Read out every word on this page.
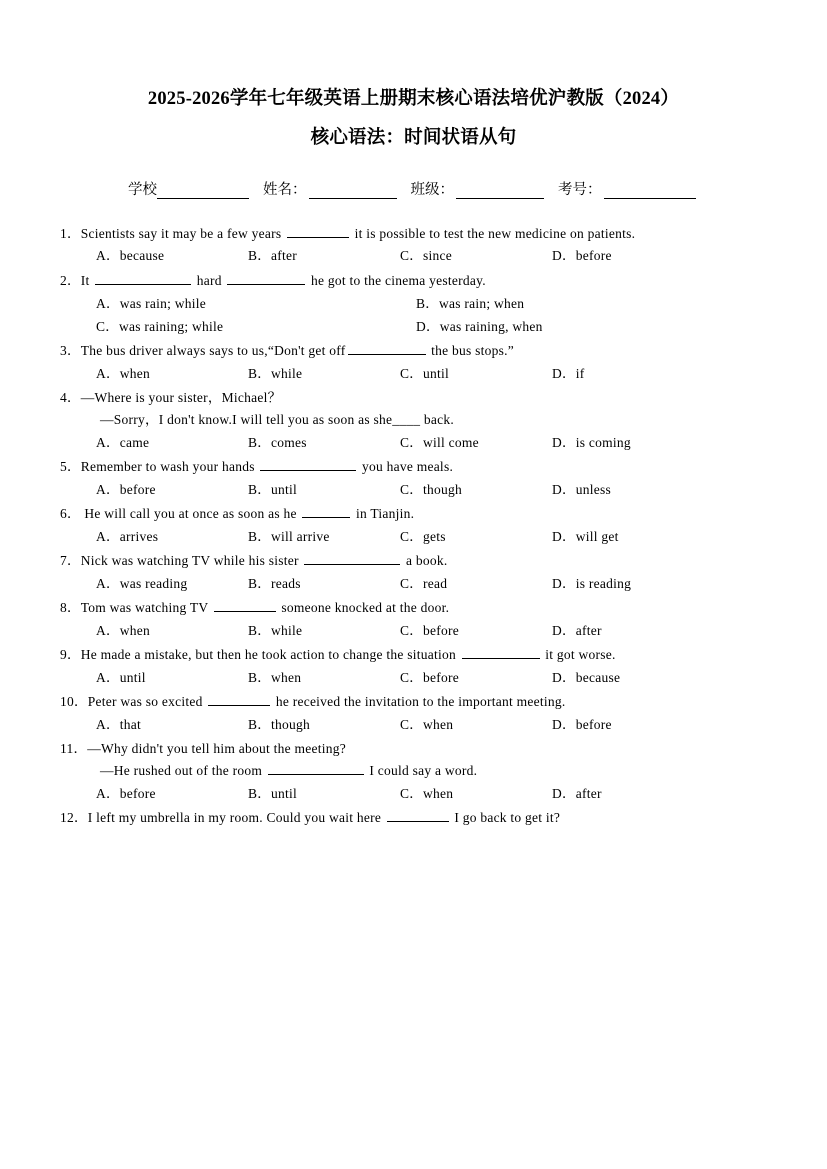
2025-2026学年七年级英语上册期末核心语法培优沪教版（2024）
核心语法：时间状语从句
学校	姓名：	班级：	考号：
1．Scientists say it may be a few years	it is possible to test the new medicine on patients.
A．because	B．after	C．since	D．before
2．It	hard	he got to the cinema yesterday.
A．was rain; while	B．was rain; when
C．was raining; while	D．was raining, when
3．The bus driver always says to us,“Don't get off	the bus stops.”
A．when	B．while	C．until	D．if
4．—Where is your sister，Michael？
—Sorry，I don't know.I will tell you as soon as she____ back.
A．came	B．comes	C．will come	D．is coming
5．Remember to wash your hands	you have meals.
A．before	B．until	C．though	D．unless
6． He will call you at once as soon as he	in Tianjin.
A．arrives	B．will arrive	C．gets	D．will get
7．Nick was watching TV while his sister	a book.
A．was reading	B．reads	C．read	D．is reading
8．Tom was watching TV	someone knocked at the door.
A．when	B．while	C．before	D．after
9．He made a mistake, but then he took action to change the situation	it got worse.
A．until	B．when	C．before	D．because
10．Peter was so excited	he received the invitation to the important meeting.
A．that	B．though	C．when	D．before
11．—Why didn't you tell him about the meeting?
—He rushed out of the room	I could say a word.
A．before	B．until	C．when	D．after
12．I left my umbrella in my room. Could you wait here	I go back to get it?
